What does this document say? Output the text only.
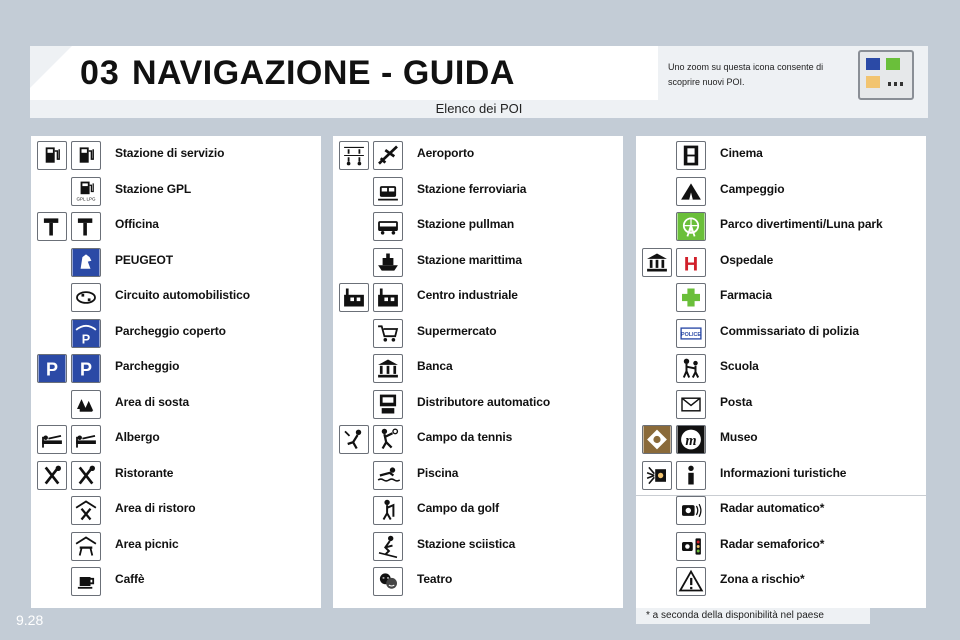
03 NAVIGAZIONE - GUIDA	Uno zoom su questa icona consente di scoprire nuovi POI.
Elenco dei POI
Stazione di servizio
GPL LPG
Stazione GPL
Officina
PEUGEOT
Circuito automobilistico
P
Parcheggio coperto
P P Parcheggio
Area di sosta
Albergo
Ristorante
Area di ristoro
Area picnic
Caffè
Aeroporto
Stazione ferroviaria
Stazione pullman
Stazione marittima
Centro industriale
Supermercato
Banca
Distributore automatico
Campo da tennis
Piscina
Campo da golf
Stazione sciistica
Teatro
Cinema
Campeggio
Parco divertimenti/Luna park
H Ospedale
Farmacia
POLICE Commissariato di polizia
Scuola
Posta
m Museo
Informazioni turistiche
Radar automatico*
Radar semaforico*
Zona a rischio*
* a seconda della disponibilità nel paese
9.28
